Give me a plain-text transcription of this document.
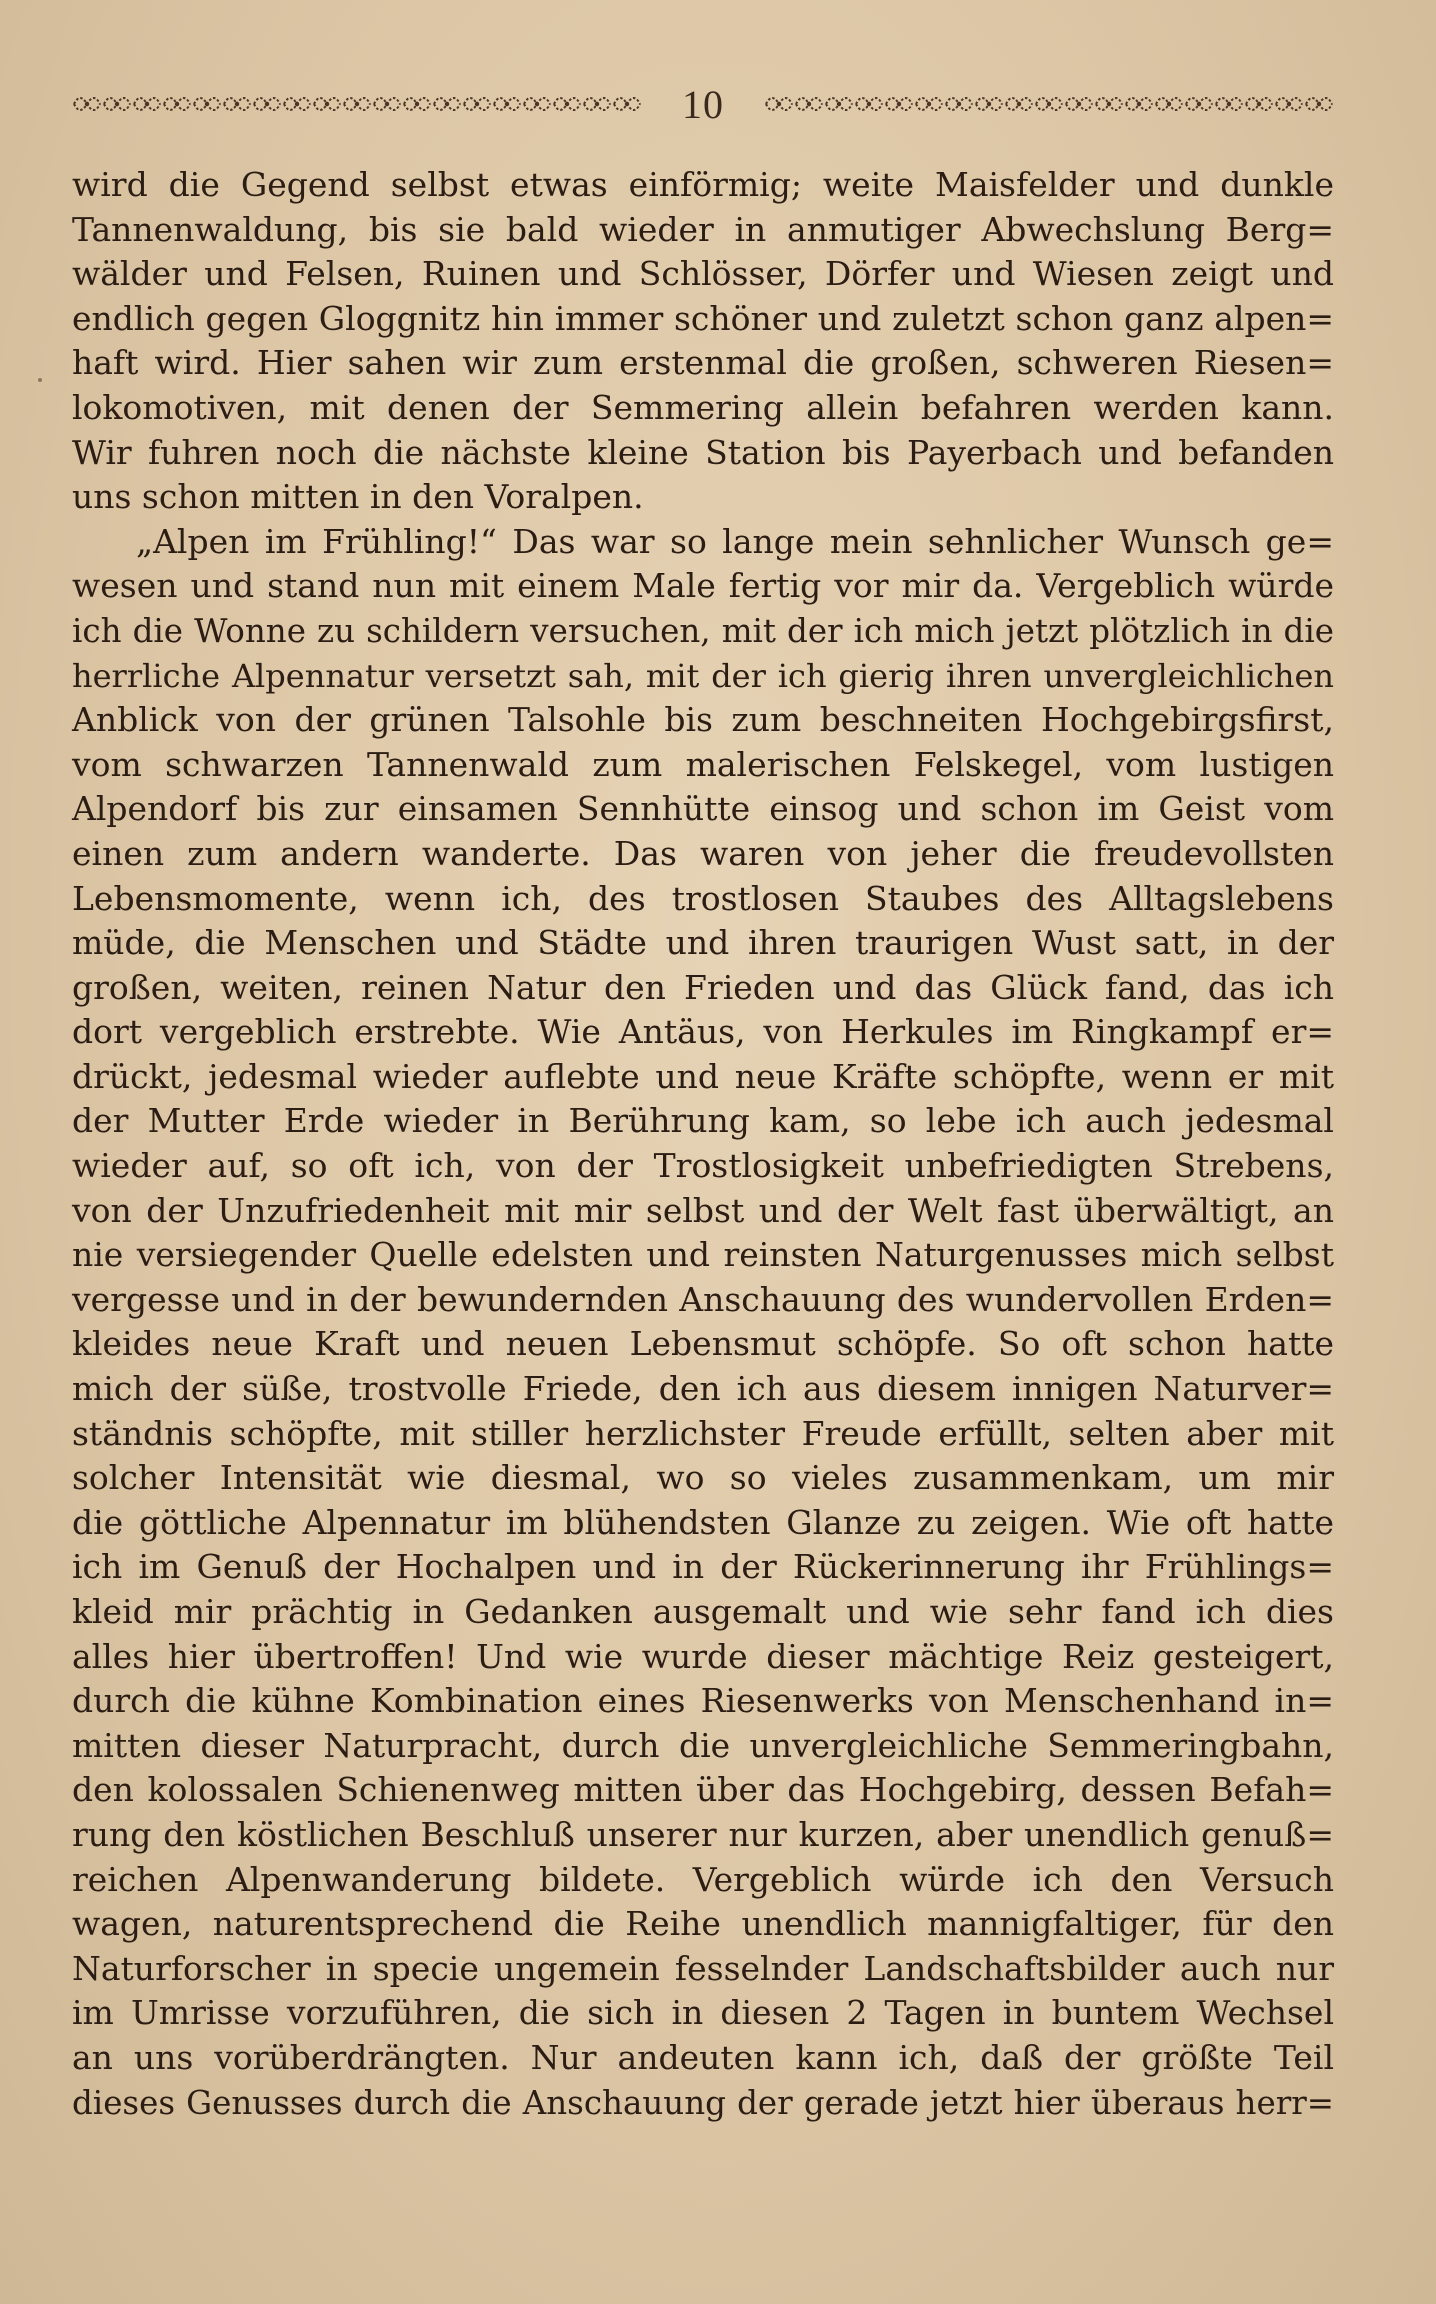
10
wird die Gegend selbst etwas einförmig; weite Maisfelder und dunkle
Tannenwaldung, bis sie bald wieder in anmutiger Abwechslung Berg=
wälder und Felsen, Ruinen und Schlösser, Dörfer und Wiesen zeigt und
endlich gegen Gloggnitz hin immer schöner und zuletzt schon ganz alpen=
haft wird. Hier sahen wir zum erstenmal die großen, schweren Riesen=
lokomotiven, mit denen der Semmering allein befahren werden kann.
Wir fuhren noch die nächste kleine Station bis Payerbach und befanden
uns schon mitten in den Voralpen.
„Alpen im Frühling!“ Das war so lange mein sehnlicher Wunsch ge=
wesen und stand nun mit einem Male fertig vor mir da. Vergeblich würde
ich die Wonne zu schildern versuchen, mit der ich mich jetzt plötzlich in die
herrliche Alpennatur versetzt sah, mit der ich gierig ihren unvergleichlichen
Anblick von der grünen Talsohle bis zum beschneiten Hochgebirgsfirst,
vom schwarzen Tannenwald zum malerischen Felskegel, vom lustigen
Alpendorf bis zur einsamen Sennhütte einsog und schon im Geist vom
einen zum andern wanderte. Das waren von jeher die freudevollsten
Lebensmomente, wenn ich, des trostlosen Staubes des Alltagslebens
müde, die Menschen und Städte und ihren traurigen Wust satt, in der
großen, weiten, reinen Natur den Frieden und das Glück fand, das ich
dort vergeblich erstrebte. Wie Antäus, von Herkules im Ringkampf er=
drückt, jedesmal wieder auflebte und neue Kräfte schöpfte, wenn er mit
der Mutter Erde wieder in Berührung kam, so lebe ich auch jedesmal
wieder auf, so oft ich, von der Trostlosigkeit unbefriedigten Strebens,
von der Unzufriedenheit mit mir selbst und der Welt fast überwältigt, an
nie versiegender Quelle edelsten und reinsten Naturgenusses mich selbst
vergesse und in der bewundernden Anschauung des wundervollen Erden=
kleides neue Kraft und neuen Lebensmut schöpfe. So oft schon hatte
mich der süße, trostvolle Friede, den ich aus diesem innigen Naturver=
ständnis schöpfte, mit stiller herzlichster Freude erfüllt, selten aber mit
solcher Intensität wie diesmal, wo so vieles zusammenkam, um mir
die göttliche Alpennatur im blühendsten Glanze zu zeigen. Wie oft hatte
ich im Genuß der Hochalpen und in der Rückerinnerung ihr Frühlings=
kleid mir prächtig in Gedanken ausgemalt und wie sehr fand ich dies
alles hier übertroffen! Und wie wurde dieser mächtige Reiz gesteigert,
durch die kühne Kombination eines Riesenwerks von Menschenhand in=
mitten dieser Naturpracht, durch die unvergleichliche Semmeringbahn,
den kolossalen Schienenweg mitten über das Hochgebirg, dessen Befah=
rung den köstlichen Beschluß unserer nur kurzen, aber unendlich genuß=
reichen Alpenwanderung bildete. Vergeblich würde ich den Versuch
wagen, naturentsprechend die Reihe unendlich mannigfaltiger, für den
Naturforscher in specie ungemein fesselnder Landschaftsbilder auch nur
im Umrisse vorzuführen, die sich in diesen 2 Tagen in buntem Wechsel
an uns vorüberdrängten. Nur andeuten kann ich, daß der größte Teil
dieses Genusses durch die Anschauung der gerade jetzt hier überaus herr=
